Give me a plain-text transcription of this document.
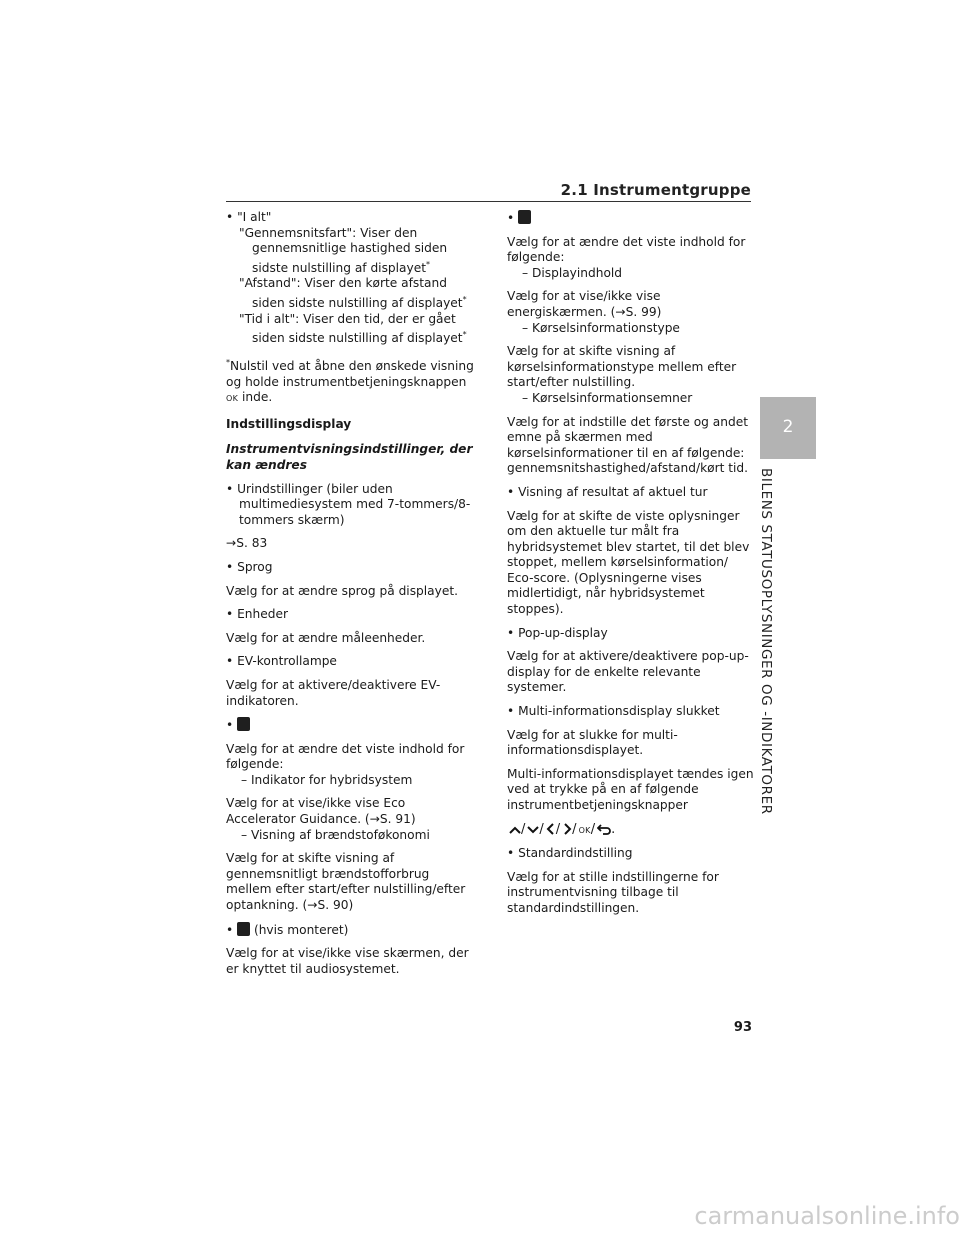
2.1 Instrumentgruppe
• "I alt"
"Gennemsnitsfart": Viser den gennemsnitlige hastighed siden sidste nulstilling af displayet*
"Afstand": Viser den kørte afstand siden sidste nulstilling af displayet*
"Tid i alt": Viser den tid, der er gået siden sidste nulstilling af displayet*
*Nulstil ved at åbne den ønskede visning og holde instrumentbetjeningsknappen
OK inde.
Indstillingsdisplay
Instrumentvisningsindstillinger, der kan ændres
• Urindstillinger (biler uden multimediesystem med 7-tommers/8-tommers skærm)
→S. 83
• Sprog
Vælg for at ændre sprog på displayet.
• Enheder
Vælg for at ændre måleenheder.
• EV-kontrollampe
Vælg for at aktivere/deaktivere EV-indikatoren.
•
Vælg for at ændre det viste indhold for følgende:
– Indikator for hybridsystem
Vælg for at vise/ikke vise Eco Accelerator Guidance. (→S. 91)
– Visning af brændstoføkonomi
Vælg for at skifte visning af gennemsnitligt brændstofforbrug mellem efter start/efter nulstilling/efter optankning. (→S. 90)
•  (hvis monteret)
Vælg for at vise/ikke vise skærmen, der er knyttet til audiosystemet.
•
Vælg for at ændre det viste indhold for følgende:
– Displayindhold
Vælg for at vise/ikke vise energiskærmen. (→S. 99)
– Kørselsinformationstype
Vælg for at skifte visning af kørselsinformationstype mellem efter start/efter nulstilling.
– Kørselsinformationsemner
Vælg for at indstille det første og andet emne på skærmen med kørselsinformationer til en af følgende: gennemsnitshastighed/afstand/kørt tid.
• Visning af resultat af aktuel tur
Vælg for at skifte de viste oplysninger om den aktuelle tur målt fra hybridsystemet blev startet, til det blev stoppet, mellem kørselsinformation/ Eco-score. (Oplysningerne vises midlertidigt, når hybridsystemet stoppes).
• Pop-up-display
Vælg for at aktivere/deaktivere pop-up-display for de enkelte relevante systemer.
• Multi-informationsdisplay slukket
Vælg for at slukke for multi-informationsdisplayet.
Multi-informationsdisplayet tændes igen ved at trykke på en af følgende instrumentbetjeningsknapper
/ / / /OK/ .
• Standardindstilling
Vælg for at stille indstillingerne for instrumentvisning tilbage til standardindstillingen.
2
BILENS STATUSOPLYSNINGER OG -INDIKATORER
93
carmanualsonline.info
